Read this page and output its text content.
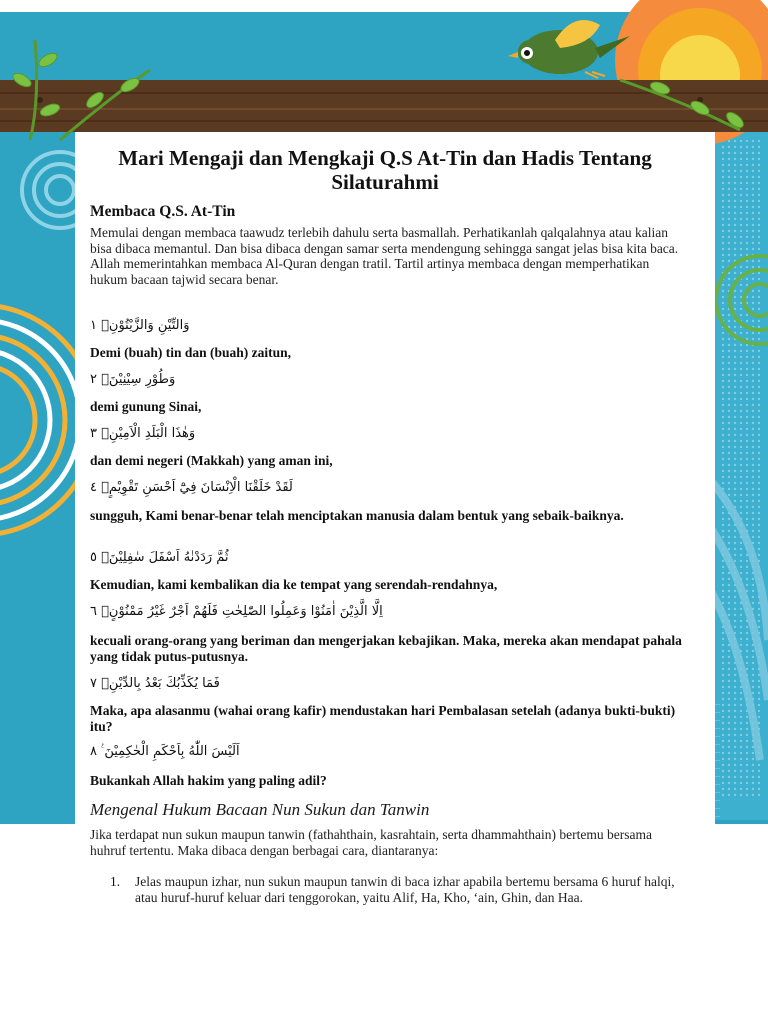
Mari Mengaji dan Mengkaji Q.S At-Tin dan Hadis Tentang Silaturahmi
Membaca Q.S. At-Tin
Memulai dengan membaca taawudz terlebih dahulu serta basmallah. Perhatikanlah qalqalahnya atau kalian bisa dibaca memantul. Dan bisa dibaca dengan samar serta mendengung sehingga sangat jelas bisa kita baca. Allah memerintahkan membaca Al-Quran dengan tratil. Tartil artinya membaca dengan memperhatikan hukum bacaan tajwid secara benar.
وَالتِّيْنِ وَالزَّيْتُوْنِۙ ١
Demi (buah) tin dan (buah) zaitun,
وَطُوْرِ سِيْنِيْنَۙ ٢
demi gunung Sinai,
وَهٰذَا الْبَلَدِ الْاَمِيْنِۙ ٣
dan demi negeri (Makkah) yang aman ini,
لَقَدْ خَلَقْنَا الْاِنْسَانَ فِيْٓ اَحْسَنِ تَقْوِيْمٍۖ ٤
sungguh, Kami benar-benar telah menciptakan manusia dalam bentuk yang sebaik-baiknya.
ثُمَّ رَدَدْنٰهُ اَسْفَلَ سٰفِلِيْنَۙ ٥
Kemudian, kami kembalikan dia ke tempat yang serendah-rendahnya,
اِلَّا الَّذِيْنَ اٰمَنُوْا وَعَمِلُوا الصّٰلِحٰتِ فَلَهُمْ اَجْرٌ غَيْرُ مَمْنُوْنٍۗ ٦
kecuali orang-orang yang beriman dan mengerjakan kebajikan. Maka, mereka akan mendapat pahala yang tidak putus-putusnya.
فَمَا يُكَذِّبُكَ بَعْدُ بِالدِّيْنِۗ ٧
Maka, apa alasanmu (wahai orang kafir) mendustakan hari Pembalasan setelah (adanya bukti-bukti) itu?
اَلَيْسَ اللّٰهُ بِاَحْكَمِ الْحٰكِمِيْنَ ࣖ ٨
Bukankah Allah hakim yang paling adil?
Mengenal Hukum Bacaan Nun Sukun dan Tanwin
Jika terdapat nun sukun maupun tanwin (fathahthain, kasrahtain, serta dhammahthain) bertemu bersama huhruf tertentu. Maka dibaca dengan berbagai cara, diantaranya:
1. Jelas maupun izhar, nun sukun maupun tanwin di baca izhar apabila bertemu bersama 6 huruf halqi, atau huruf-huruf keluar dari tenggorokan, yaitu Alif, Ha, Kho, ‘ain, Ghin, dan Haa.
